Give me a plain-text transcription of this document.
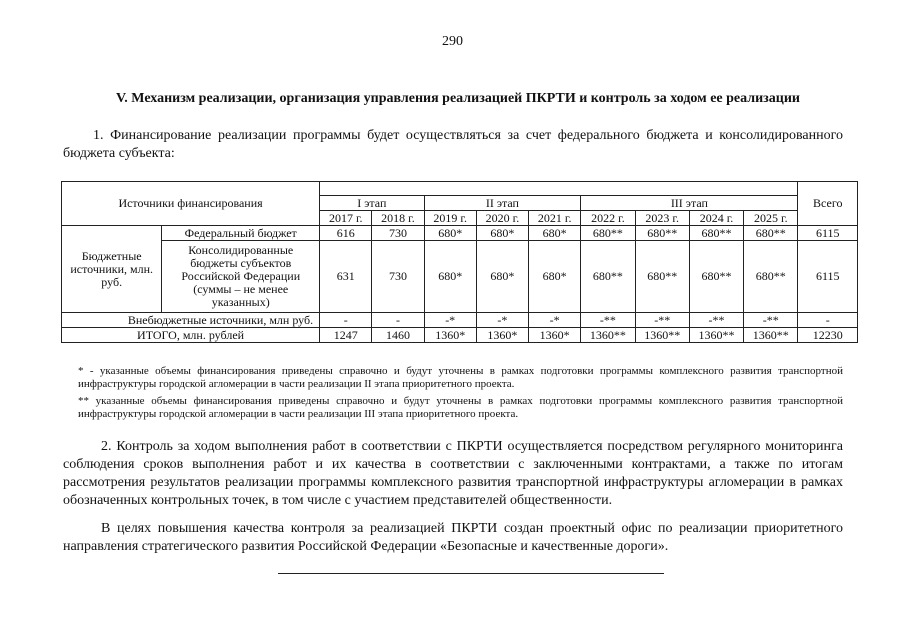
290
V. Механизм реализации, организация управления реализацией ПКРТИ и контроль за ходом ее реализации
1. Финансирование реализации программы будет осуществляться за счет федерального бюджета и консолидированного бюджета субъекта:
Источники финансирования											Всего
		I этап		II этап			III этап				
		2017 г.	2018 г.	2019 г.	2020 г.	2021 г.	2022 г.	2023 г.	2024 г.	2025 г.	
Бюджетные источники, млн. руб.	Федеральный бюджет	616	730	680*	680*	680*	680**	680**	680**	680**	6115
	Консолидированные бюджеты субъектов Российской Федерации (суммы – не менее указанных)	631	730	680*	680*	680*	680**	680**	680**	680**	6115
Внебюджетные источники, млн руб.		-	-	-*	-*	-*	-**	-**	-**	-**	-
ИТОГО, млн. рублей		1247	1460	1360*	1360*	1360*	1360**	1360**	1360**	1360**	12230
* - указанные объемы финансирования приведены справочно и будут уточнены в рамках подготовки программы комплексного развития транспортной инфраструктуры городской агломерации в части реализации II этапа приоритетного проекта.
** указанные объемы финансирования приведены справочно и будут уточнены в рамках подготовки программы комплексного развития транспортной инфраструктуры городской агломерации в части реализации III этапа приоритетного проекта.
2. Контроль за ходом выполнения работ в соответствии с ПКРТИ осуществляется посредством регулярного мониторинга соблюдения сроков выполнения работ и их качества в соответствии с заключенными контрактами, а также по итогам рассмотрения результатов реализации программы комплексного развития транспортной инфраструктуры агломерации в рамках обозначенных контрольных точек, в том числе с участием представителей общественности.
В целях повышения качества контроля за реализацией ПКРТИ создан проектный офис по реализации приоритетного направления стратегического развития Российской Федерации «Безопасные и качественные дороги».
